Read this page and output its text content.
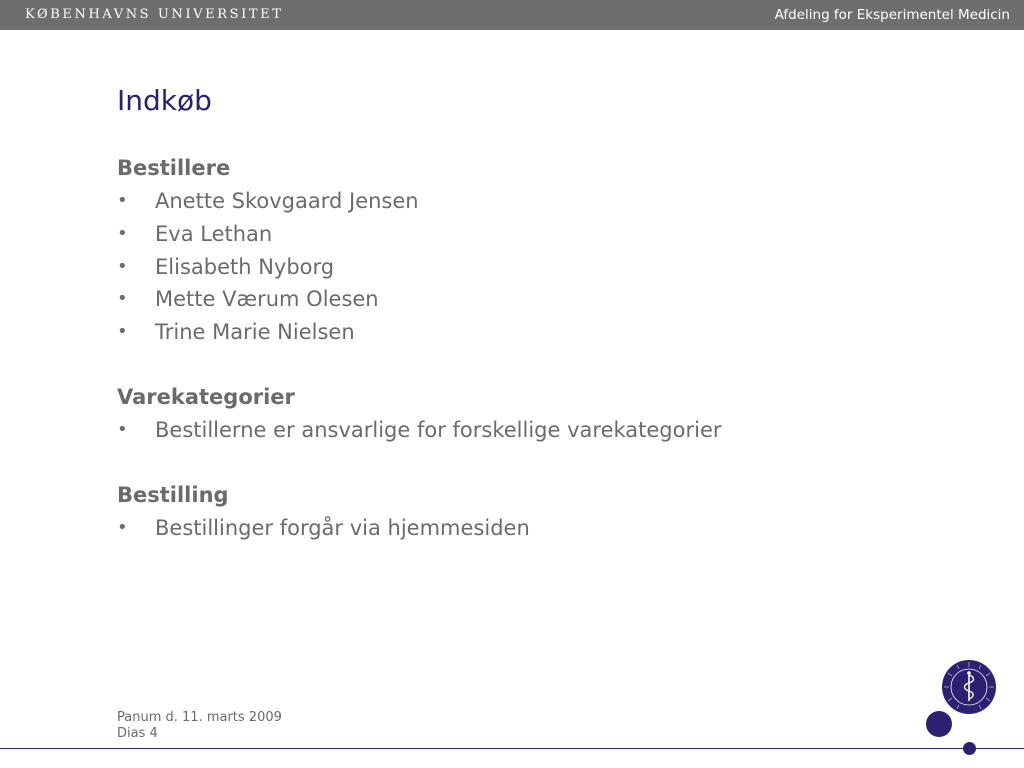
KØBENHAVNS UNIVERSITET	Afdeling for Eksperimentel Medicin
Indkøb
Bestillere
• Anette Skovgaard Jensen
• Eva Lethan
• Elisabeth Nyborg
• Mette Værum Olesen
• Trine Marie Nielsen
Varekategorier
• Bestillerne er ansvarlige for forskellige varekategorier
Bestilling
• Bestillinger forgår via hjemmesiden
Panum d. 11. marts 2009
Dias 4
